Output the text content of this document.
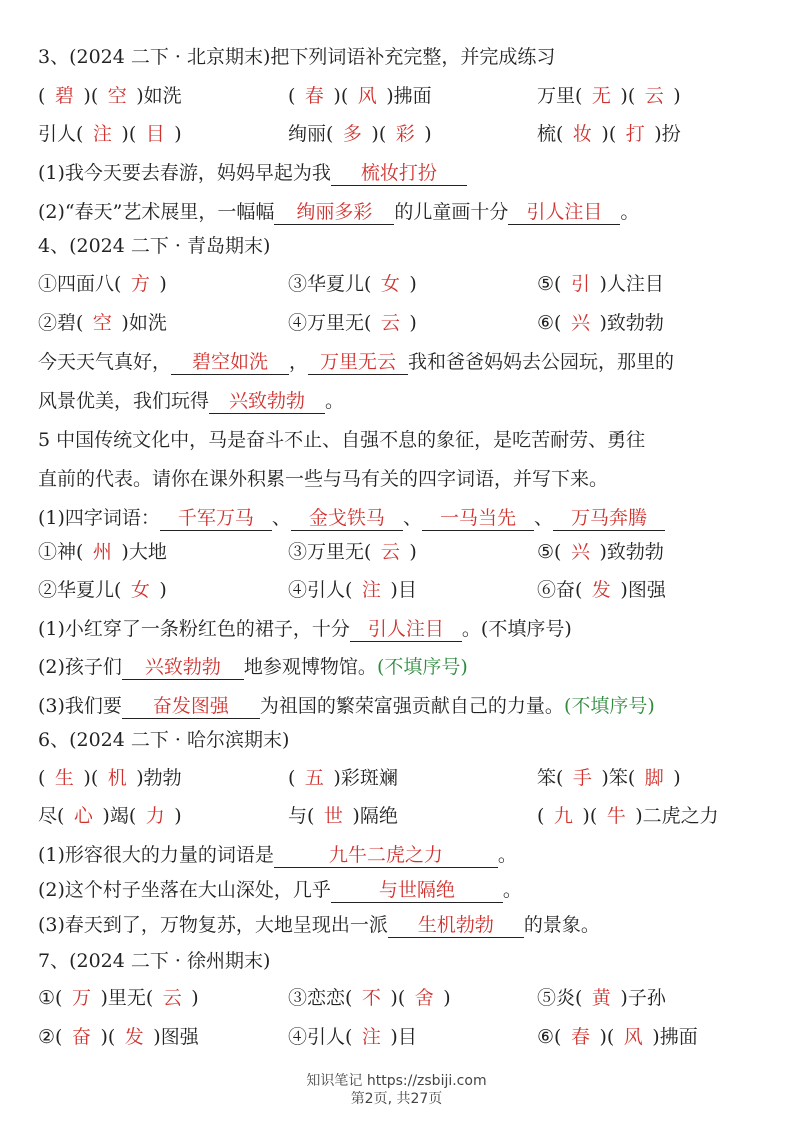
3、(2024 二下 · 北京期末)把下列词语补充完整，并完成练习
( 碧 )( 空 )如洗	( 春 )( 风 )拂面	万里( 无 )( 云 )
引人( 注 )( 目 )	绚丽( 多 )( 彩 )	梳( 妆 )( 打 )扮
(1)我今天要去春游，妈妈早起为我 梳妆打扮
(2)“春天”艺术展里，一幅幅 绚丽多彩 的儿童画十分 引人注目 。
4、(2024 二下 · 青岛期末)
①四面八( 方 )	③华夏儿( 女 )	⑤( 引 )人注目
②碧( 空 )如洗	④万里无( 云 )	⑥( 兴 )致勃勃
今天天气真好， 碧空如洗 ， 万里无云 我和爸爸妈妈去公园玩，那里的
风景优美，我们玩得 兴致勃勃 。
5 中国传统文化中，马是奋斗不止、自强不息的象征，是吃苦耐劳、勇往
直前的代表。请你在课外积累一些与马有关的四字词语，并写下来。
(1)四字词语： 千军万马 、 金戈铁马 、 一马当先 、 万马奔腾
①神( 州 )大地	③万里无( 云 )	⑤( 兴 )致勃勃
②华夏儿( 女 )	④引人( 注 )目	⑥奋( 发 )图强
(1)小红穿了一条粉红色的裙子，十分 引人注目 。(不填序号)
(2)孩子们 兴致勃勃 地参观博物馆。(不填序号)
(3)我们要 奋发图强 为祖国的繁荣富强贡献自己的力量。(不填序号)
6、(2024 二下 · 哈尔滨期末)
( 生 )( 机 )勃勃	( 五 )彩斑斓	笨( 手 )笨( 脚 )
尽( 心 )竭( 力 )	与( 世 )隔绝	( 九 )( 牛 )二虎之力
(1)形容很大的力量的词语是	九牛二虎之力	。
(2)这个村子坐落在大山深处，几乎	与世隔绝	。
(3)春天到了，万物复苏，大地呈现出一派 生机勃勃 的景象。
7、(2024 二下 · 徐州期末)
①( 万 )里无( 云 )	③恋恋( 不 )( 舍 )	⑤炎( 黄 )子孙
②( 奋 )( 发 )图强	④引人( 注 )目	⑥( 春 )( 风 )拂面
知识笔记 https://zsbiji.com
第2页, 共27页
